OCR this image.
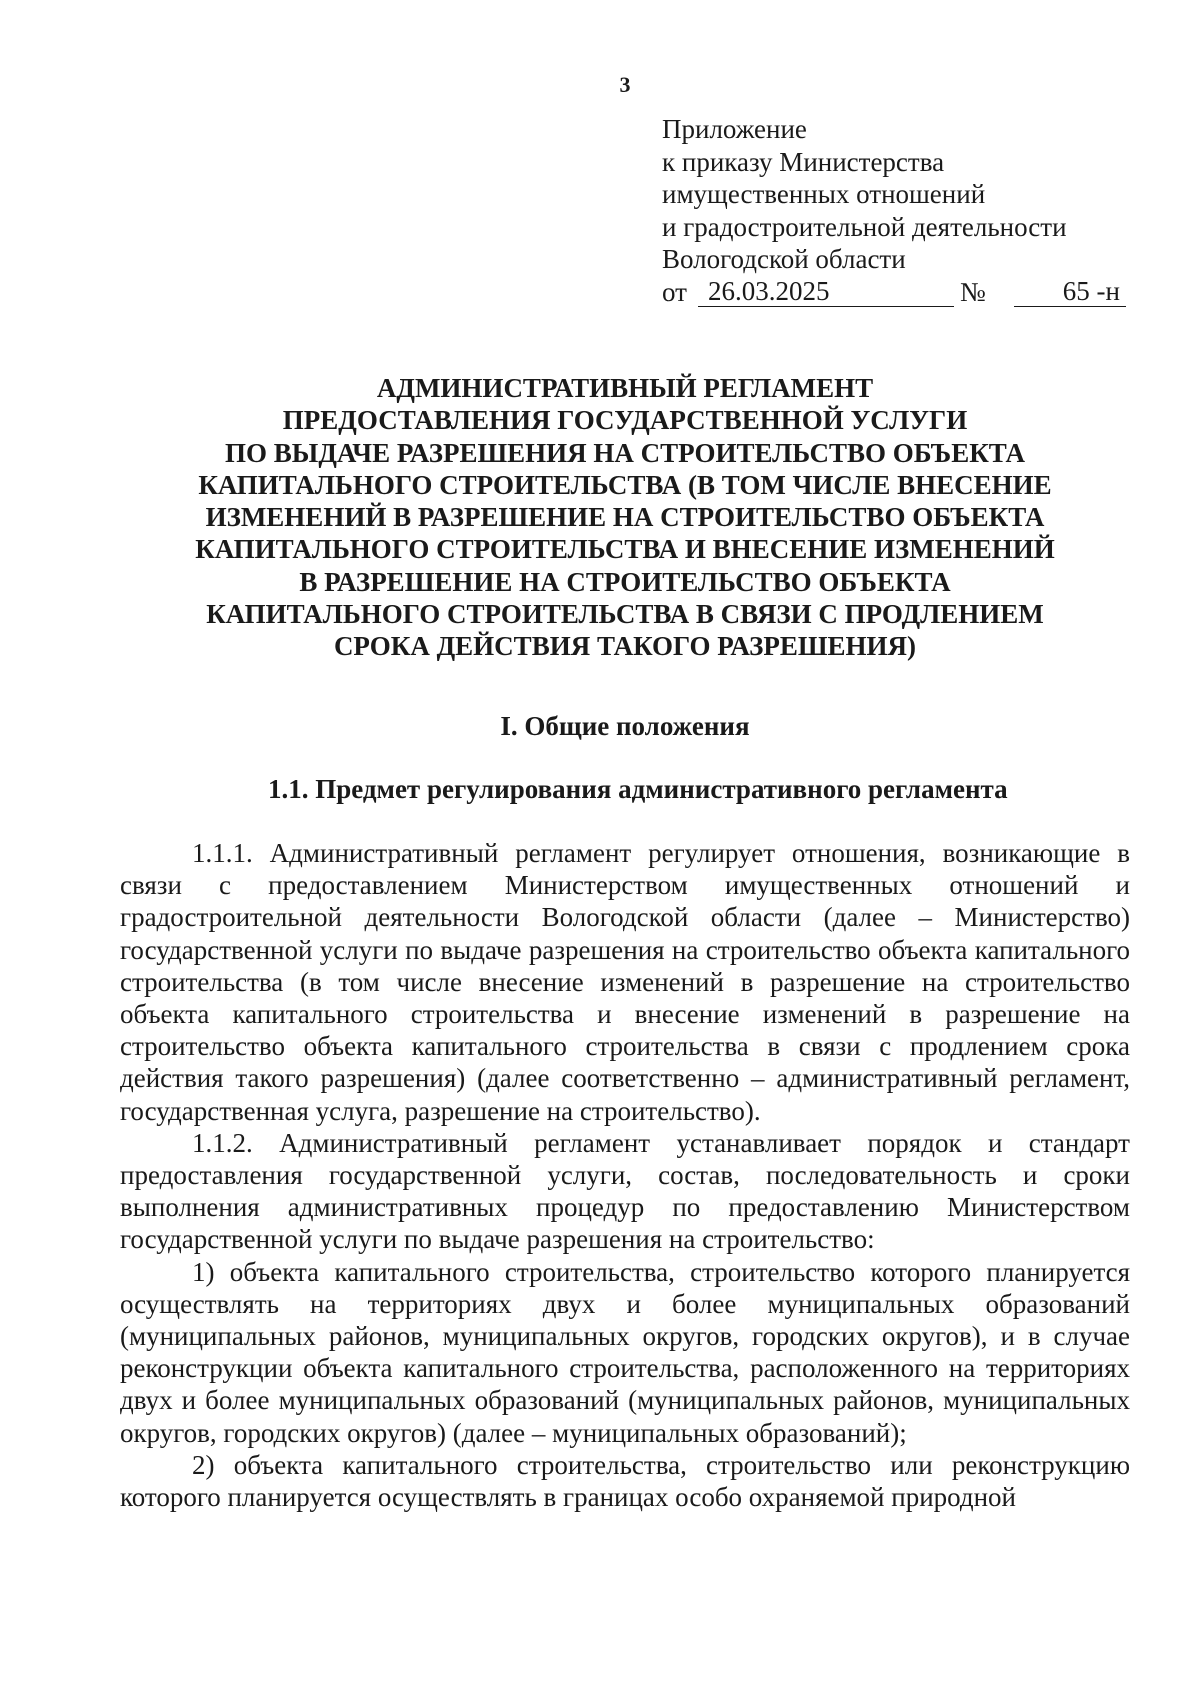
3
Приложение
к приказу Министерства
имущественных отношений
и градостроительной деятельности
Вологодской области
от 26.03.2025	№	65 -н
АДМИНИСТРАТИВНЫЙ РЕГЛАМЕНТ
ПРЕДОСТАВЛЕНИЯ ГОСУДАРСТВЕННОЙ УСЛУГИ
ПО ВЫДАЧЕ РАЗРЕШЕНИЯ НА СТРОИТЕЛЬСТВО ОБЪЕКТА
КАПИТАЛЬНОГО СТРОИТЕЛЬСТВА (В ТОМ ЧИСЛЕ ВНЕСЕНИЕ
ИЗМЕНЕНИЙ В РАЗРЕШЕНИЕ НА СТРОИТЕЛЬСТВО ОБЪЕКТА
КАПИТАЛЬНОГО СТРОИТЕЛЬСТВА И ВНЕСЕНИЕ ИЗМЕНЕНИЙ
В РАЗРЕШЕНИЕ НА СТРОИТЕЛЬСТВО ОБЪЕКТА
КАПИТАЛЬНОГО СТРОИТЕЛЬСТВА В СВЯЗИ С ПРОДЛЕНИЕМ
СРОКА ДЕЙСТВИЯ ТАКОГО РАЗРЕШЕНИЯ)
I. Общие положения
1.1. Предмет регулирования административного регламента

1.1.1. Административный регламент регулирует отношения, возникающие в связи с предоставлением Министерством имущественных отношений и градостроительной деятельности Вологодской области (далее – Министерство) государственной услуги по выдаче разрешения на строительство объекта капитального строительства (в том числе внесение изменений в разрешение на строительство объекта капитального строительства и внесение изменений в разрешение на строительство объекта капитального строительства в связи с продлением срока действия такого разрешения) (далее соответственно – административный регламент, государственная услуга, разрешение на строительство).

1.1.2. Административный регламент устанавливает порядок и стандарт предоставления государственной услуги, состав, последовательность и сроки выполнения административных процедур по предоставлению Министерством государственной услуги по выдаче разрешения на строительство:

1) объекта капитального строительства, строительство которого планируется осуществлять на территориях двух и более муниципальных образований (муниципальных районов, муниципальных округов, городских округов), и в случае реконструкции объекта капитального строительства, расположенного на территориях двух и более муниципальных образований (муниципальных районов, муниципальных округов, городских округов) (далее – муниципальных образований);

2) объекта капитального строительства, строительство или реконструкцию которого планируется осуществлять в границах особо охраняемой природной
